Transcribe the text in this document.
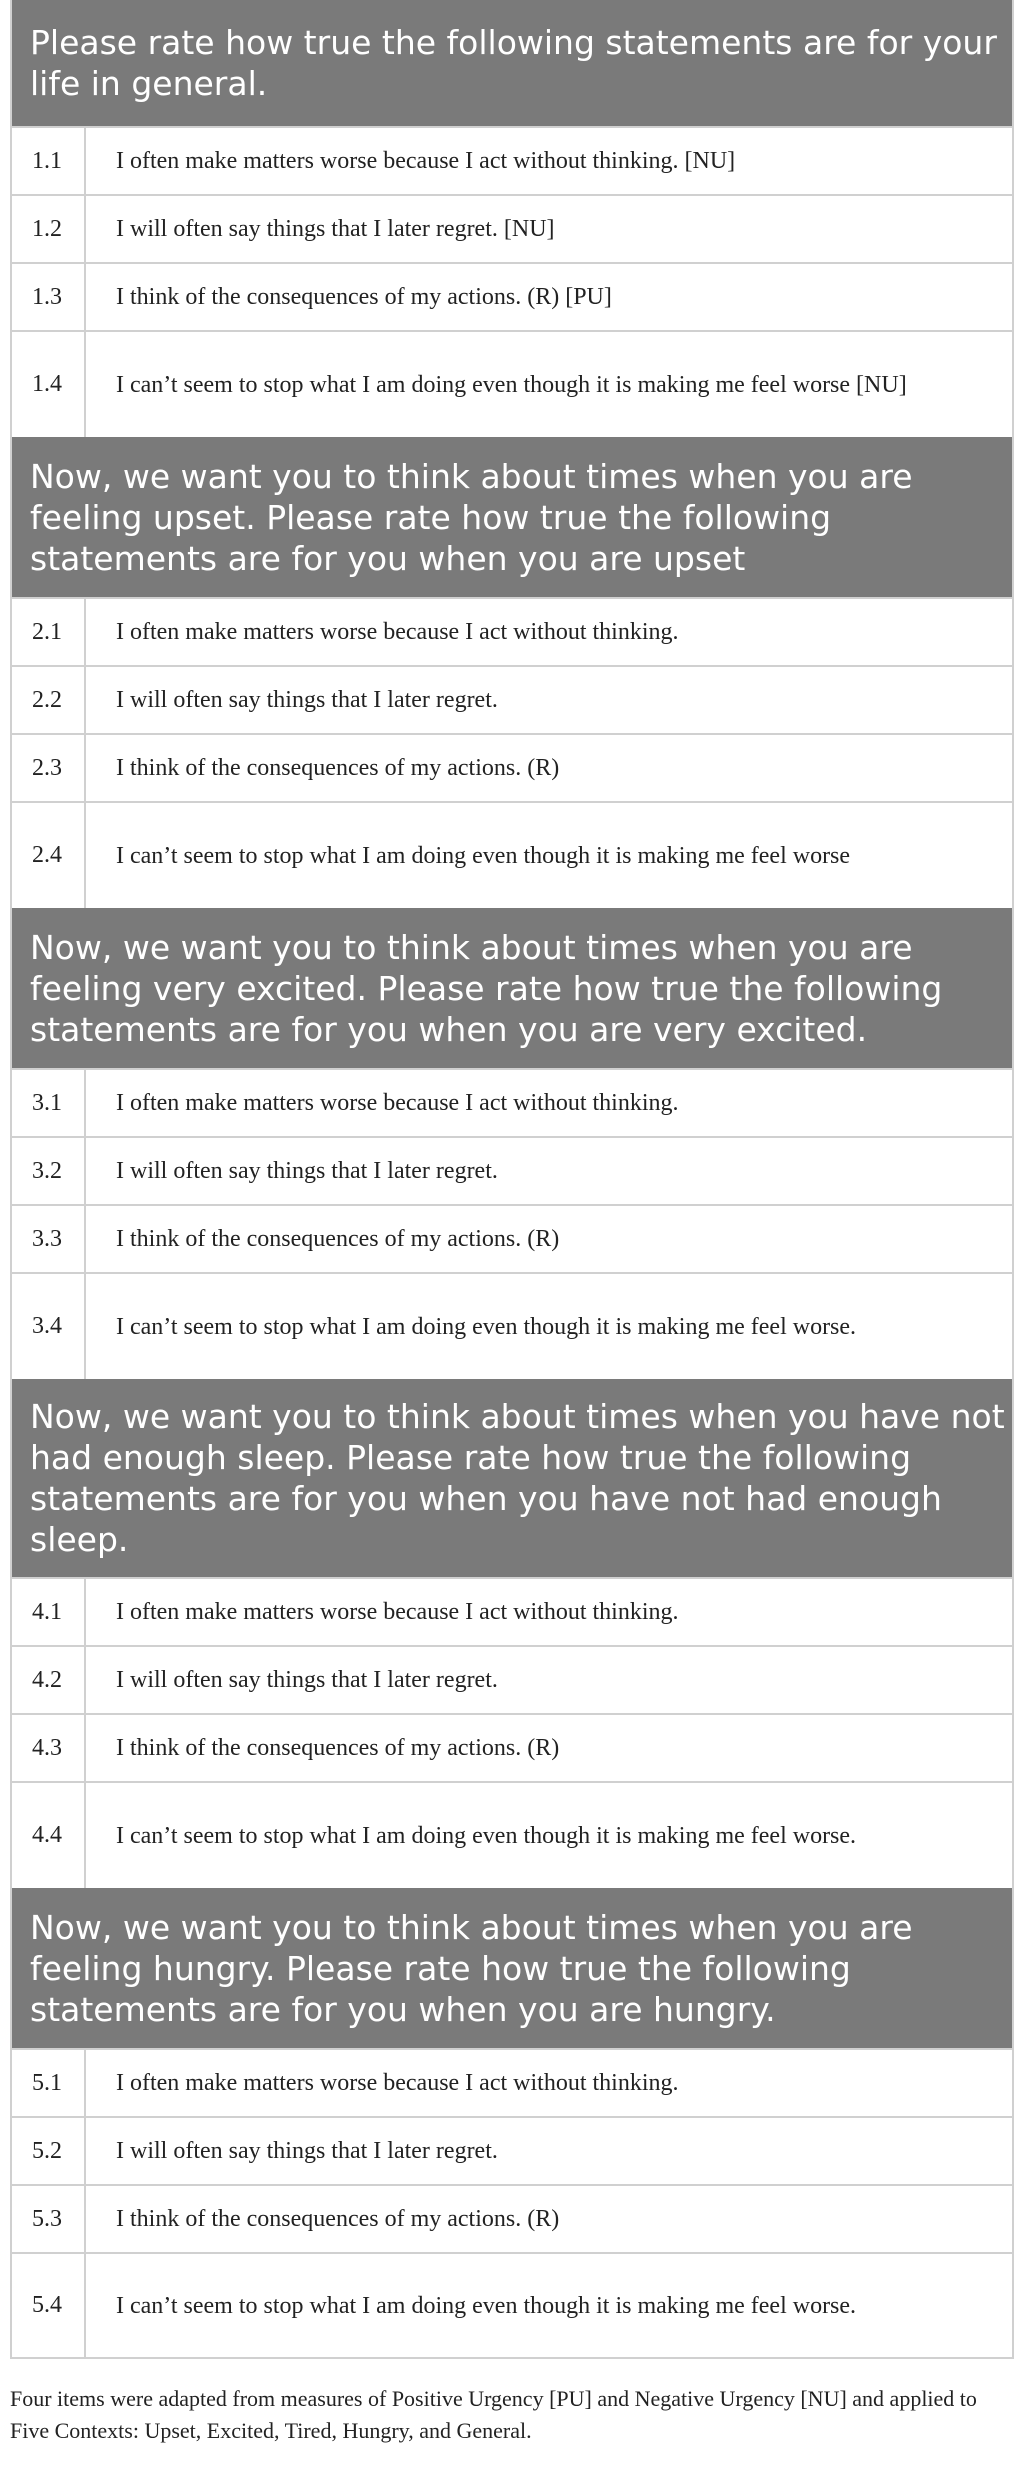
Please rate how true the following statements are for your life in general.
1.1	I often make matters worse because I act without thinking. [NU]
1.2	I will often say things that I later regret. [NU]
1.3	I think of the consequences of my actions. (R) [PU]
1.4	I can’t seem to stop what I am doing even though it is making me feel worse [NU]
Now, we want you to think about times when you are feeling upset. Please rate how true the following statements are for you when you are upset
2.1	I often make matters worse because I act without thinking.
2.2	I will often say things that I later regret.
2.3	I think of the consequences of my actions. (R)
2.4	I can’t seem to stop what I am doing even though it is making me feel worse
Now, we want you to think about times when you are feeling very excited. Please rate how true the following statements are for you when you are very excited.
3.1	I often make matters worse because I act without thinking.
3.2	I will often say things that I later regret.
3.3	I think of the consequences of my actions. (R)
3.4	I can’t seem to stop what I am doing even though it is making me feel worse.
Now, we want you to think about times when you have not had enough sleep. Please rate how true the following statements are for you when you have not had enough sleep.
4.1	I often make matters worse because I act without thinking.
4.2	I will often say things that I later regret.
4.3	I think of the consequences of my actions. (R)
4.4	I can’t seem to stop what I am doing even though it is making me feel worse.
Now, we want you to think about times when you are feeling hungry. Please rate how true the following statements are for you when you are hungry.
5.1	I often make matters worse because I act without thinking.
5.2	I will often say things that I later regret.
5.3	I think of the consequences of my actions. (R)
5.4	I can’t seem to stop what I am doing even though it is making me feel worse.
Four items were adapted from measures of Positive Urgency [PU] and Negative Urgency [NU] and applied to Five Contexts: Upset, Excited, Tired, Hungry, and General.
